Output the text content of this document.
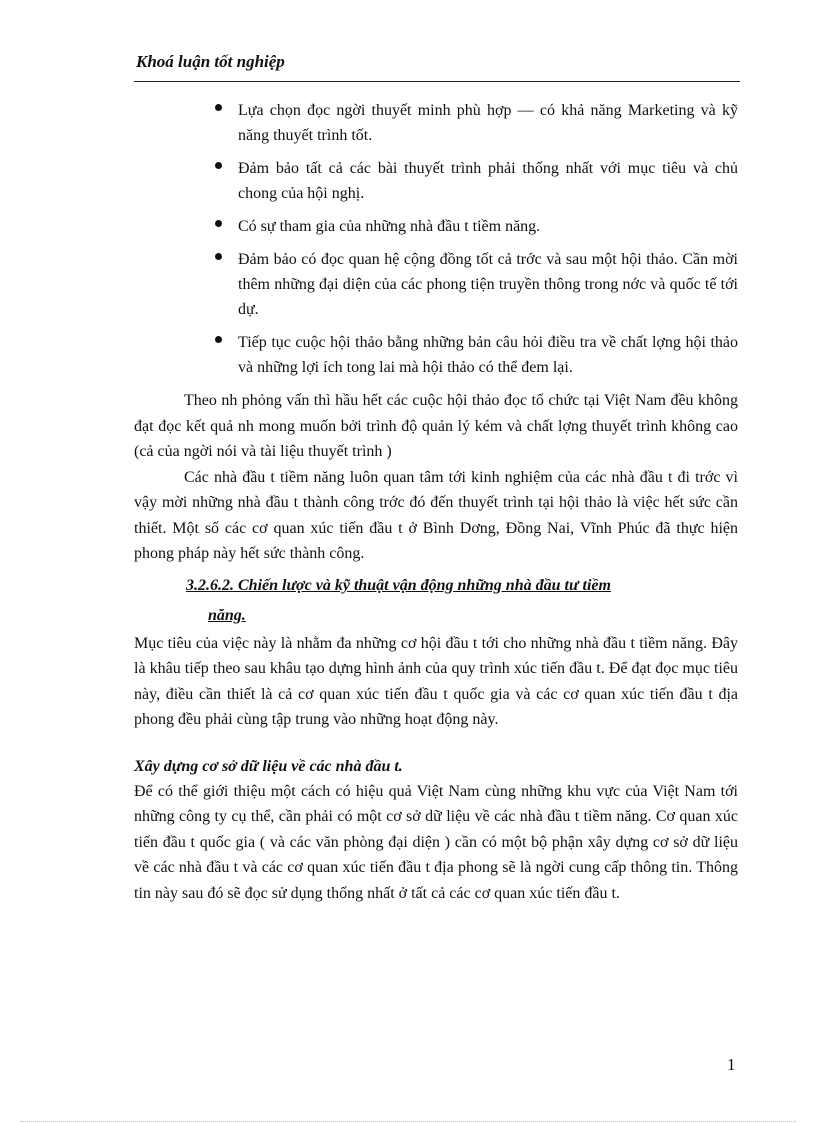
Khoá luận tốt nghiệp
Lựa chọn đọc ngời thuyết minh phù hợp — có khả năng Marketing và kỹ năng thuyết trình tốt.
Đảm bảo tất cả các bài thuyết trình phải thống nhất với mục tiêu và chủ chong của hội nghị.
Có sự tham gia của những nhà đầu t tiềm năng.
Đảm bảo có đọc quan hệ cộng đồng tốt cả trớc và sau một hội thảo. Cần mời thêm những đại diện của các phong tiện truyền thông trong nớc và quốc tế tới dự.
Tiếp tục cuộc hội thảo bằng những bản câu hỏi điều tra về chất lợng hội thảo và những lợi ích tong lai mà hội thảo có thể đem lại.

Theo nh phỏng vấn thì hầu hết các cuộc hội thảo đọc tổ chức tại Việt Nam đều không đạt đọc kết quả nh mong muốn bởi trình độ quản lý kém và chất lợng thuyết trình không cao (cả của ngời nói và tài liệu thuyết trình )

Các nhà đầu t tiềm năng luôn quan tâm tới kinh nghiệm của các nhà đầu t đi trớc vì vậy mời những nhà đầu t thành công trớc đó đến thuyết trình tại hội thảo là việc hết sức cần thiết. Một số các cơ quan xúc tiến đầu t ở Bình Dơng, Đồng Nai, Vĩnh Phúc đã thực hiện phong pháp này hết sức thành công.

3.2.6.2. Chiến lược và kỹ thuật vận động những nhà đầu tư tiềm
năng.

Mục tiêu của việc này là nhằm đa những cơ hội đầu t tới cho những nhà đầu t tiềm năng. Đây là khâu tiếp theo sau khâu tạo dựng hình ảnh của quy trình xúc tiến đầu t. Để đạt đọc mục tiêu này, điều cần thiết là cả cơ quan xúc tiến đầu t quốc gia và các cơ quan xúc tiến đầu t địa phong đều phải cùng tập trung vào những hoạt động này.

Xây dựng cơ sở dữ liệu về các nhà đầu t.

Để có thể giới thiệu một cách có hiệu quả Việt Nam cùng những khu vực của Việt Nam tới những công ty cụ thể, cần phải có một cơ sở dữ liệu về các nhà đầu t tiềm năng. Cơ quan xúc tiến đầu t quốc gia ( và các văn phòng đại diện ) cần có một bộ phận xây dựng cơ sở dữ liệu về các nhà đầu t và các cơ quan xúc tiến đầu t địa phong sẽ là ngời cung cấp thông tin. Thông tin này sau đó sẽ đọc sử dụng thống nhất ở tất cả các cơ quan xúc tiến đầu t.

1
